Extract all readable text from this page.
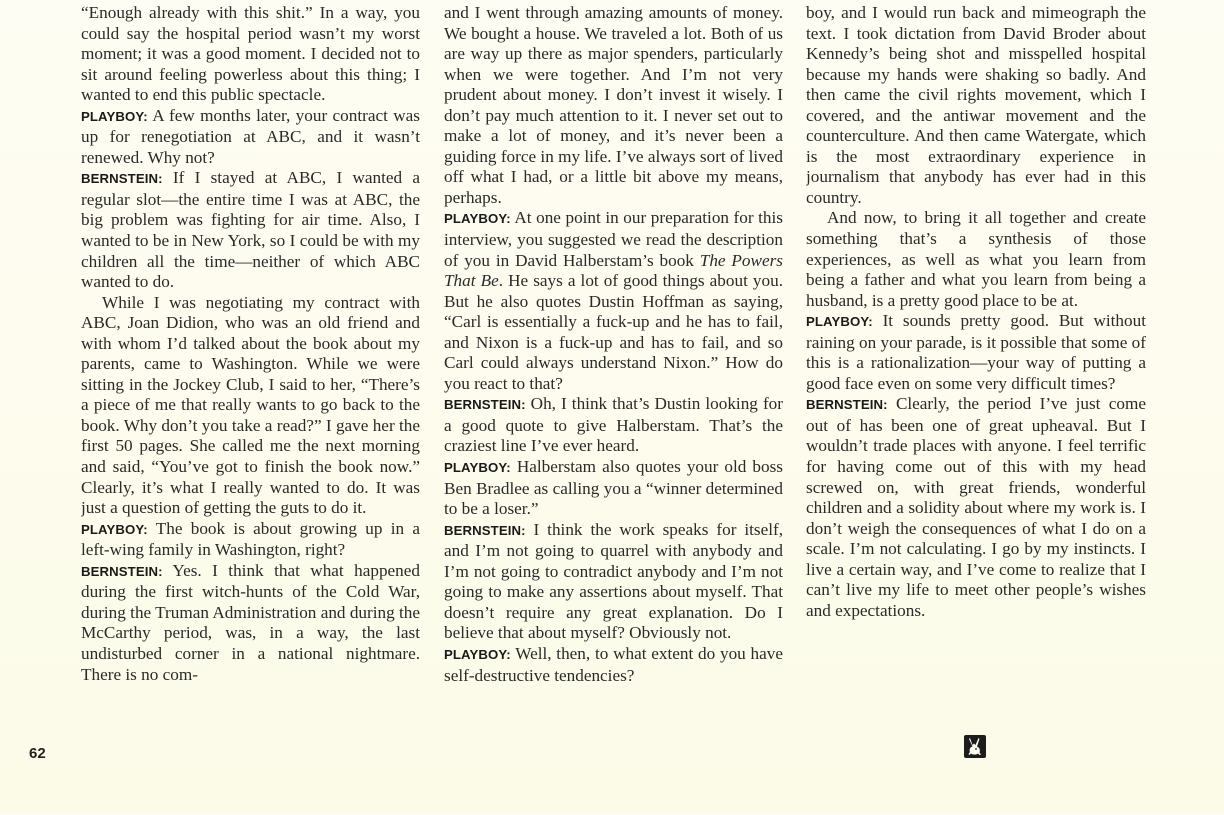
“Enough already with this shit.” In a way, you could say the hospital period wasn’t my worst moment; it was a good moment. I decided not to sit around feeling powerless about this thing; I wanted to end this public spectacle.

PLAYBOY: A few months later, your contract was up for renegotiation at ABC, and it wasn’t renewed. Why not?

BERNSTEIN: If I stayed at ABC, I wanted a regular slot—the entire time I was at ABC, the big problem was fighting for air time. Also, I wanted to be in New York, so I could be with my children all the time—neither of which ABC wanted to do.

While I was negotiating my contract with ABC, Joan Didion, who was an old friend and with whom I’d talked about the book about my parents, came to Washington. While we were sitting in the Jockey Club, I said to her, “There’s a piece of me that really wants to go back to the book. Why don’t you take a read?” I gave her the first 50 pages. She called me the next morning and said, “You’ve got to finish the book now.” Clearly, it’s what I really wanted to do. It was just a question of getting the guts to do it.

PLAYBOY: The book is about growing up in a left-wing family in Washington, right?

BERNSTEIN: Yes. I think that what happened during the first witch-hunts of the Cold War, during the Truman Administration and during the McCarthy period, was, in a way, the last undisturbed corner in a national nightmare. There is no com-

and I went through amazing amounts of money. We bought a house. We traveled a lot. Both of us are way up there as major spenders, particularly when we were together. And I’m not very prudent about money. I don’t invest it wisely. I don’t pay much attention to it. I never set out to make a lot of money, and it’s never been a guiding force in my life. I’ve always sort of lived off what I had, or a little bit above my means, perhaps.

PLAYBOY: At one point in our preparation for this interview, you suggested we read the description of you in David Halberstam’s book The Powers That Be. He says a lot of good things about you. But he also quotes Dustin Hoffman as saying, “Carl is essentially a fuck-up and he has to fail, and Nixon is a fuck-up and has to fail, and so Carl could always understand Nixon.” How do you react to that?

BERNSTEIN: Oh, I think that’s Dustin looking for a good quote to give Halberstam. That’s the craziest line I’ve ever heard.

PLAYBOY: Halberstam also quotes your old boss Ben Bradlee as calling you a “winner determined to be a loser.”

BERNSTEIN: I think the work speaks for itself, and I’m not going to quarrel with anybody and I’m not going to contradict anybody and I’m not going to make any assertions about myself. That doesn’t require any great explanation. Do I believe that about myself? Obviously not.

PLAYBOY: Well, then, to what extent do you have self-destructive tendencies?

boy, and I would run back and mimeograph the text. I took dictation from David Broder about Kennedy’s being shot and misspelled hospital because my hands were shaking so badly. And then came the civil rights movement, which I covered, and the antiwar movement and the counterculture. And then came Watergate, which is the most extraordinary experience in journalism that anybody has ever had in this country.

And now, to bring it all together and create something that’s a synthesis of those experiences, as well as what you learn from being a father and what you learn from being a husband, is a pretty good place to be at.

PLAYBOY: It sounds pretty good. But without raining on your parade, is it possible that some of this is a rationalization—your way of putting a good face even on some very difficult times?

BERNSTEIN: Clearly, the period I’ve just come out of has been one of great upheaval. But I wouldn’t trade places with anyone. I feel terrific for having come out of this with my head screwed on, with great friends, wonderful children and a solidity about where my work is. I don’t weigh the consequences of what I do on a scale. I’m not calculating. I go by my instincts. I live a certain way, and I’ve come to realize that I can’t live my life to meet other people’s wishes and expectations.

62
